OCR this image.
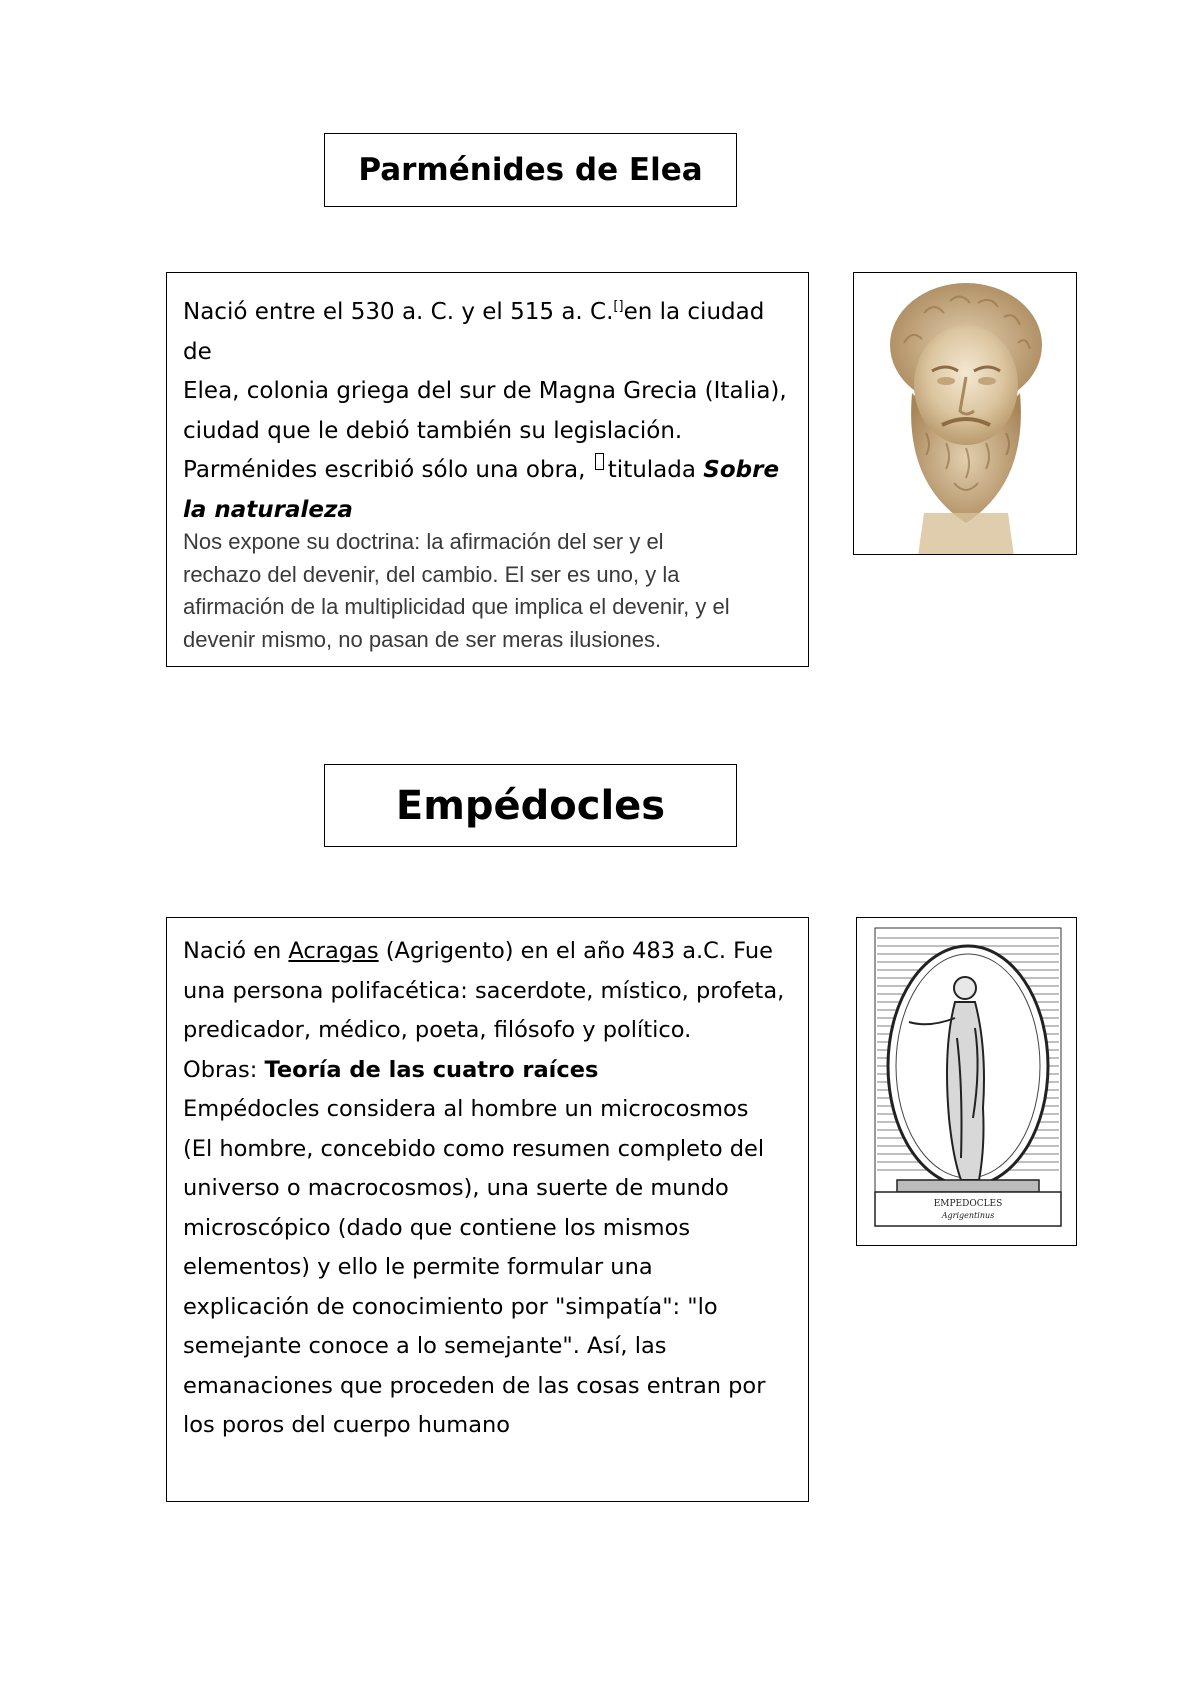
Parménides de Elea
Nació entre el 530 a. C. y el 515 a. C.[]en la ciudad de
Elea, colonia griega del sur de Magna Grecia (Italia),
ciudad que le debió también su legislación.
Parménides escribió sólo una obra, titulada Sobre
la naturaleza
Nos expone su doctrina: la afirmación del ser y el
rechazo del devenir, del cambio. El ser es uno, y la
afirmación de la multiplicidad que implica el devenir, y el
devenir mismo, no pasan de ser meras ilusiones.
Empédocles
Nació en Acragas (Agrigento) en el año 483 a.C. Fue
una persona polifacética: sacerdote, místico, profeta,
predicador, médico, poeta, filósofo y político.
Obras: Teoría de las cuatro raíces
Empédocles considera al hombre un microcosmos
(El hombre, concebido como resumen completo del
universo o macrocosmos), una suerte de mundo
microscópico (dado que contiene los mismos
elementos) y ello le permite formular una
explicación de conocimiento por "simpatía": "lo
semejante conoce a lo semejante". Así, las
emanaciones que proceden de las cosas entran por
los poros del cuerpo humano
EMPEDOCLES
Agrigentinus
